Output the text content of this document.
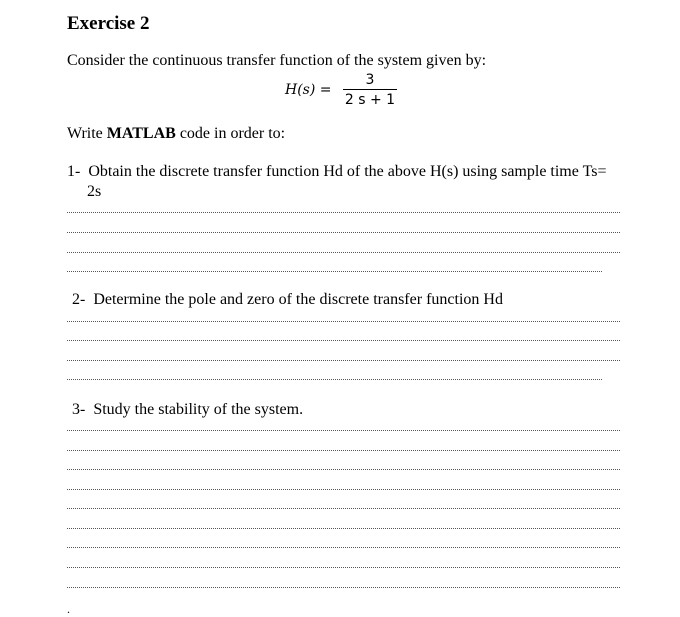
Exercise 2
Consider the continuous transfer function of the system given by:
H(s) =
3
2 s + 1
Write MATLAB code in order to:
1- Obtain the discrete transfer function Hd of the above H(s) using sample time Ts=
2s
2- Determine the pole and zero of the discrete transfer function Hd
3- Study the stability of the system.
.
